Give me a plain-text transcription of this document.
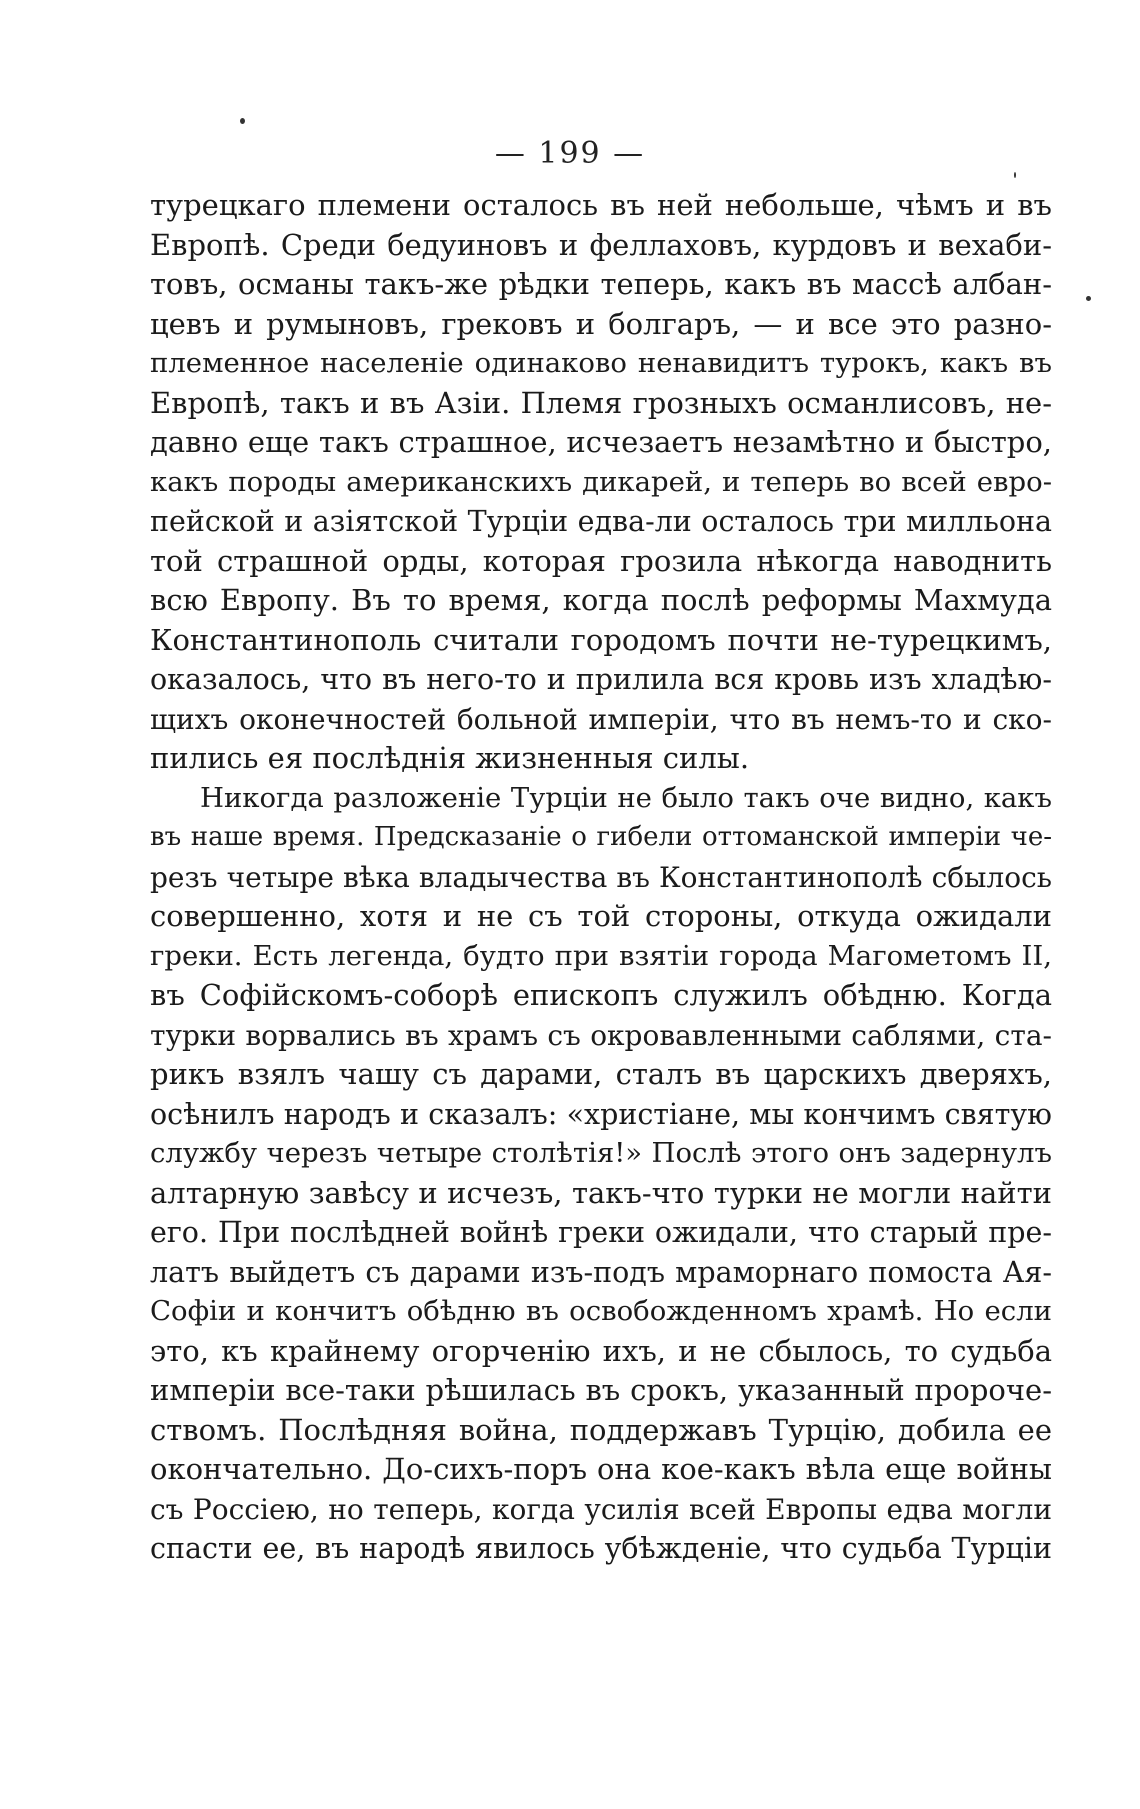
— 199 —
турецкаго племени осталось въ ней небольше, чѣмъ и въ
Европѣ. Среди бедуиновъ и феллаховъ, курдовъ и вехаби-
товъ, османы такъ-же рѣдки теперь, какъ въ массѣ албан-
цевъ и румыновъ, грековъ и болгаръ, — и все это разно-
племенное населеніе одинаково ненавидитъ турокъ, какъ въ
Европѣ, такъ и въ Азіи. Племя грозныхъ османлисовъ, не-
давно еще такъ страшное, исчезаетъ незамѣтно и быстро,
какъ породы американскихъ дикарей, и теперь во всей евро-
пейской и азіятской Турціи едва-ли осталось три милльона
той страшной орды, которая грозила нѣкогда наводнить
всю Европу. Въ то время, когда послѣ реформы Махмуда
Константинополь считали городомъ почти не-турецкимъ,
оказалось, что въ него-то и прилила вся кровь изъ хладѣю-
щихъ оконечностей больной имперіи, что въ немъ-то и ско-
пились ея послѣднія жизненныя силы.
Никогда разложеніе Турціи не было такъ оче видно, какъ
въ наше время. Предсказаніе о гибели оттоманской имперіи че-
резъ четыре вѣка владычества въ Константинополѣ сбылось
совершенно, хотя и не съ той стороны, откуда ожидали
греки. Есть легенда, будто при взятіи города Магометомъ II,
въ Софійскомъ-соборѣ епископъ служилъ обѣдню. Когда
турки ворвались въ храмъ съ окровавленными саблями, ста-
рикъ взялъ чашу съ дарами, сталъ въ царскихъ дверяхъ,
осѣнилъ народъ и сказалъ: «христіане, мы кончимъ святую
службу черезъ четыре столѣтія!» Послѣ этого онъ задернулъ
алтарную завѣсу и исчезъ, такъ-что турки не могли найти
его. При послѣдней войнѣ греки ожидали, что старый пре-
латъ выйдетъ съ дарами изъ-подъ мраморнаго помоста Ая-
Софіи и кончитъ обѣдню въ освобожденномъ храмѣ. Но если
это, къ крайнему огорченію ихъ, и не сбылось, то судьба
имперіи все-таки рѣшилась въ срокъ, указанный пророче-
ствомъ. Послѣдняя война, поддержавъ Турцію, добила ее
окончательно. До-сихъ-поръ она кое-какъ вѣла еще войны
съ Россіею, но теперь, когда усилія всей Европы едва могли
спасти ее, въ народѣ явилось убѣжденіе, что судьба Турціи
